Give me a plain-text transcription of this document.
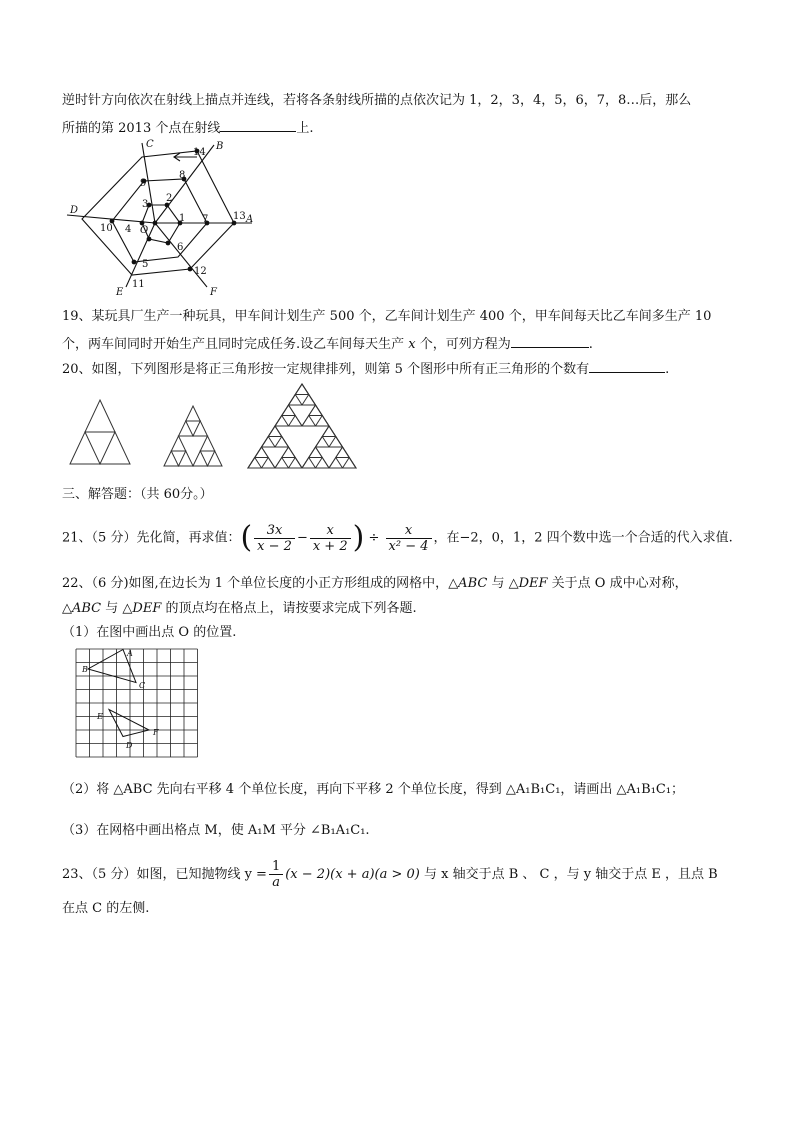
逆时针方向依次在射线上描点并连线，若将各条射线所描的点依次记为 1，2，3，4，5，6，7，8…后，那么
所描的第 2013 个点在射线	上.
C	B
D
A
E	F
O
1
2
3
4
5
6
7
8
9
10
11
12
13
14
19、某玩具厂生产一种玩具，甲车间计划生产 500 个，乙车间计划生产 400 个，甲车间每天比乙车间多生产 10
个，两车间同时开始生产且同时完成任务.设乙车间每天生产 x 个，可列方程为	.
20、如图，下列图形是将正三角形按一定规律排列，则第 5 个图形中所有正三角形的个数有	.
三、解答题：（共 60分。）
21、（5 分）先化简，再求值：( $\frac{3x}{x - 2} - \frac{x}{x + 2}$ ) ÷ $\frac{x}{\text{x² − 4}}$ ，在−2，0，1，2 四个数中选一个合适的代入求值.
22、（6 分)如图,在边长为 1 个单位长度的小正方形组成的网格中，△ABC 与 △DEF 关于点 O 成中心对称，
△ABC 与 △DEF 的顶点均在格点上，请按要求完成下列各题.
（1）在图中画出点 O 的位置.
A
B
C
D
E
F
（2）将 △ABC 先向右平移 4 个单位长度，再向下平移 2 个单位长度，得到 △A₁B₁C₁，请画出 △A₁B₁C₁；
（3）在网格中画出格点 M，使 A₁M 平分 ∠B₁A₁C₁.
23、（5 分）如图，已知抛物线 $y = \frac{1}{a} (x - 2)(x + a)(a > 0)$ 与 x 轴交于点 B 、 C ，与 y 轴交于点 E ，且点 B
在点 C 的左侧.
